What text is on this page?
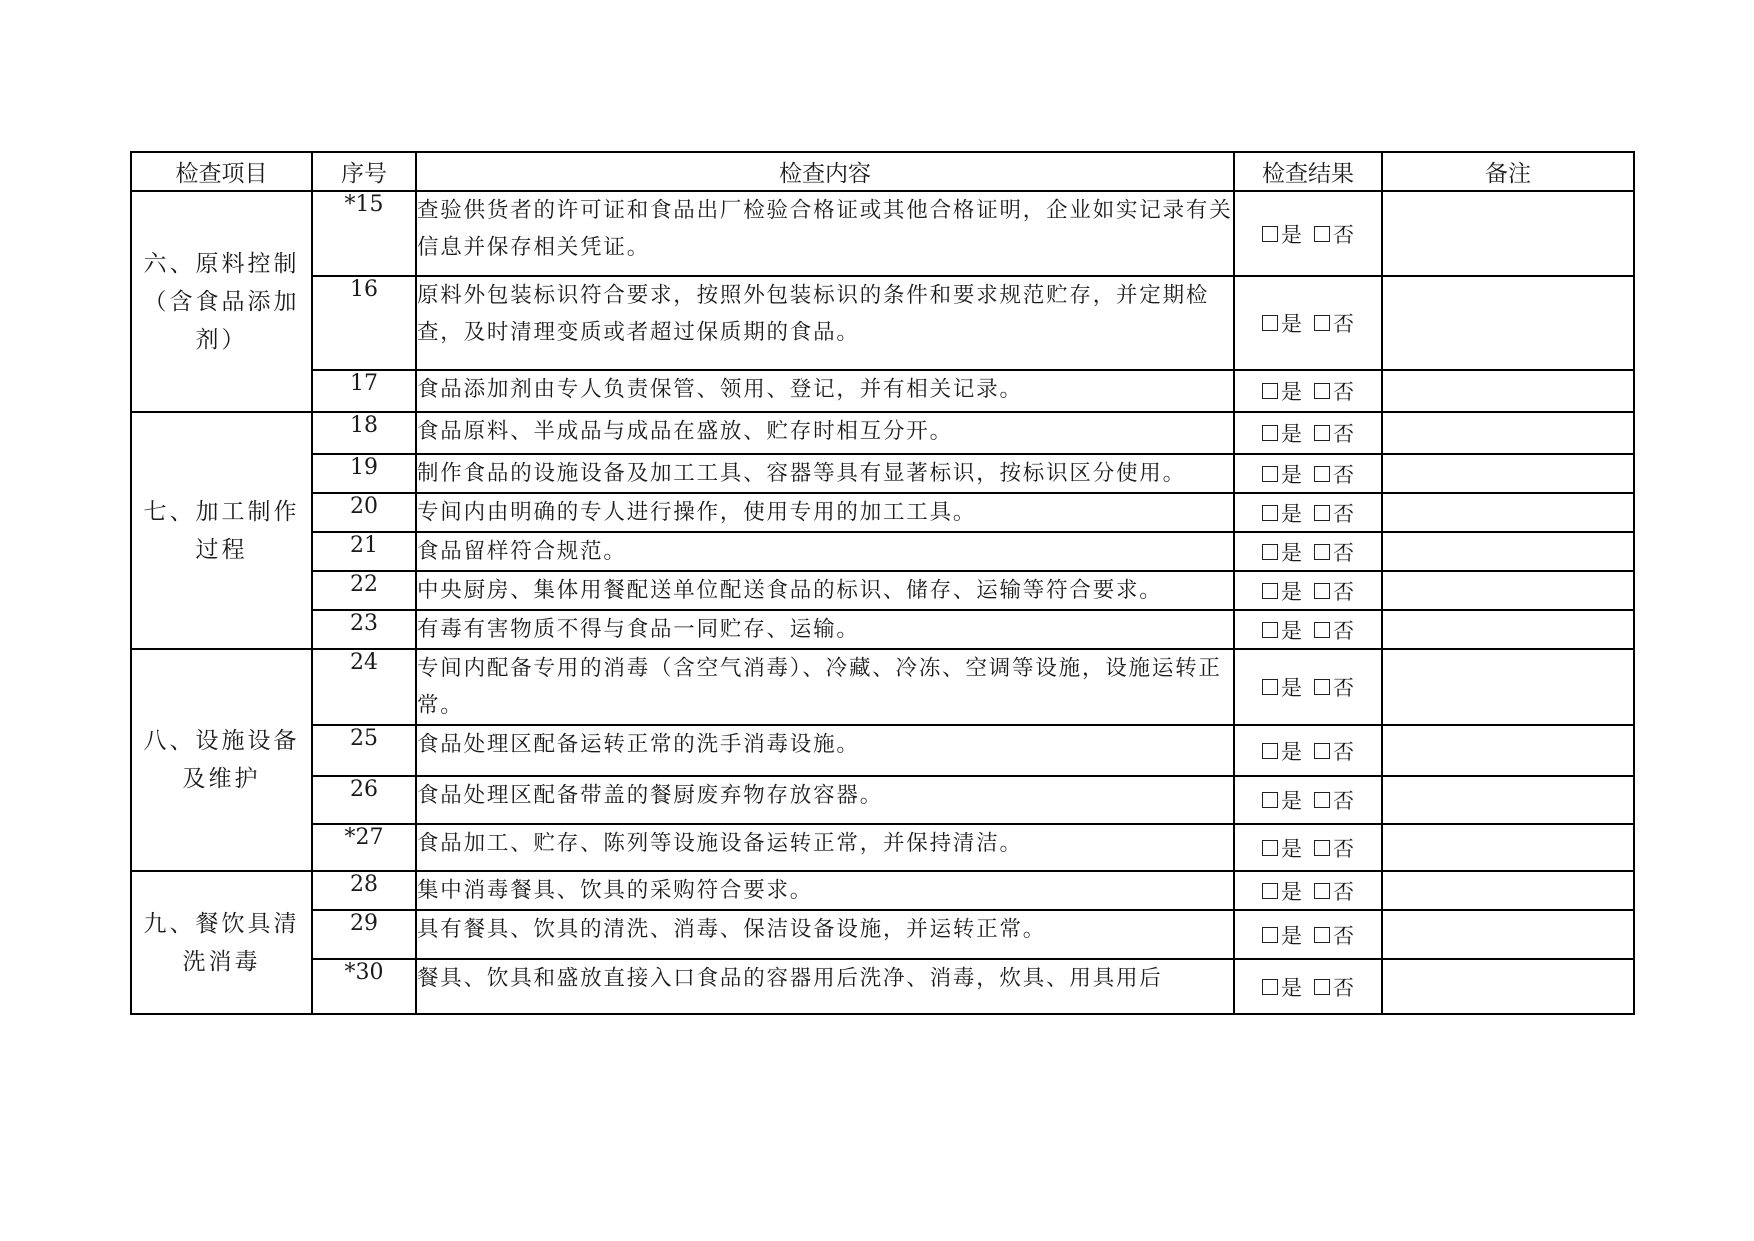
检查项目	序号	检查内容	检查结果	备注
六、原料控制（含食品添加剂）	*15	查验供货者的许可证和食品出厂检验合格证或其他合格证明，企业如实记录有关信息并保存相关凭证。	是 否	

	16	原料外包装标识符合要求，按照外包装标识的条件和要求规范贮存，并定期检查，及时清理变质或者超过保质期的食品。	是 否	

	17	食品添加剂由专人负责保管、领用、登记，并有相关记录。	是 否	

七、加工制作过程	18	食品原料、半成品与成品在盛放、贮存时相互分开。	是 否	

	19	制作食品的设施设备及加工工具、容器等具有显著标识，按标识区分使用。	是 否	

	20	专间内由明确的专人进行操作，使用专用的加工工具。	是 否	

	21	食品留样符合规范。	是 否	

	22	中央厨房、集体用餐配送单位配送食品的标识、储存、运输等符合要求。	是 否	

	23	有毒有害物质不得与食品一同贮存、运输。	是 否	

八、设施设备及维护	24	专间内配备专用的消毒（含空气消毒）、冷藏、冷冻、空调等设施，设施运转正常。	是 否	

	25	食品处理区配备运转正常的洗手消毒设施。	是 否	

	26	食品处理区配备带盖的餐厨废弃物存放容器。	是 否	

	*27	食品加工、贮存、陈列等设施设备运转正常，并保持清洁。	是 否	

九、餐饮具清洗消毒	28	集中消毒餐具、饮具的采购符合要求。	是 否	

	29	具有餐具、饮具的清洗、消毒、保洁设备设施，并运转正常。	是 否	

	*30	餐具、饮具和盛放直接入口食品的容器用后洗净、消毒，炊具、用具用后	是 否	
